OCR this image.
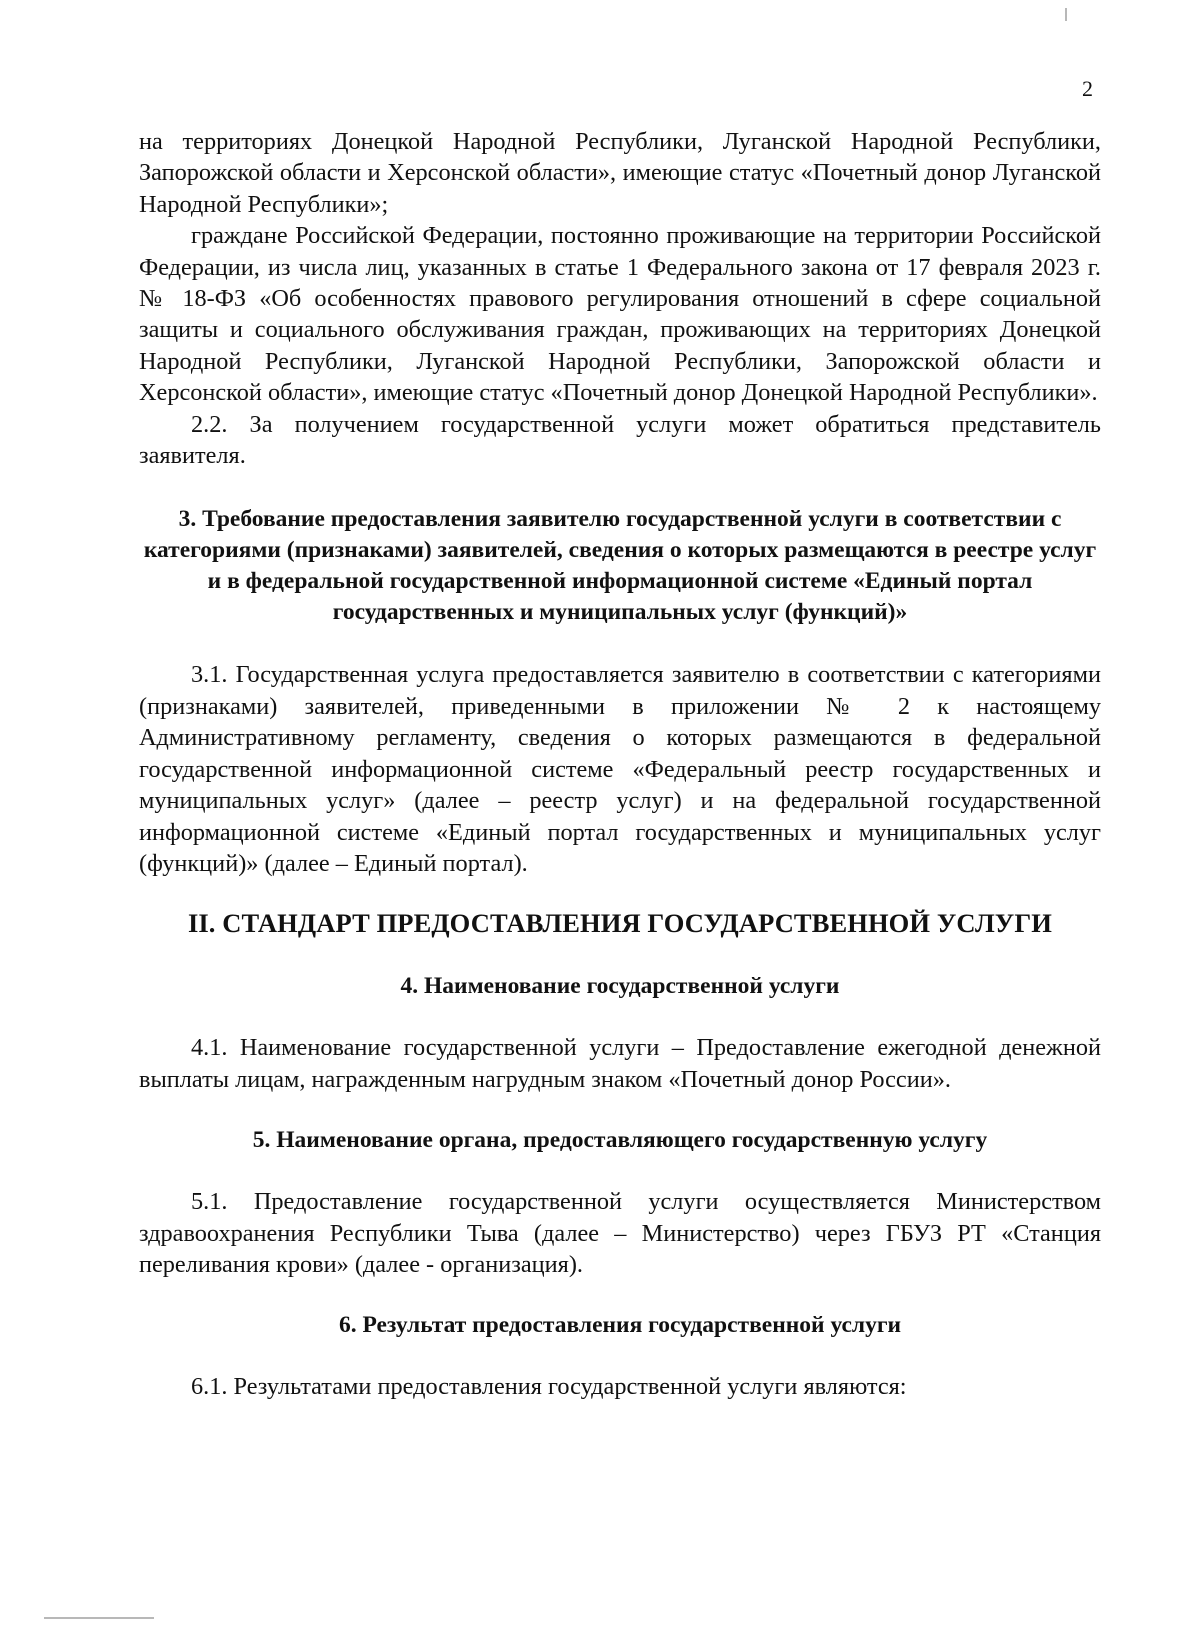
2

на территориях Донецкой Народной Республики, Луганской Народной Республики, Запорожской области и Херсонской области», имеющие статус «Почетный донор Луганской Народной Республики»;

граждане Российской Федерации, постоянно проживающие на территории Российской Федерации, из числа лиц, указанных в статье 1 Федерального закона от 17 февраля 2023 г. № 18-ФЗ «Об особенностях правового регулирования отношений в сфере социальной защиты и социального обслуживания граждан, проживающих на территориях Донецкой Народной Республики, Луганской Народной Республики, Запорожской области и Херсонской области», имеющие статус «Почетный донор Донецкой Народной Республики».

2.2. За получением государственной услуги может обратиться представитель заявителя.

3. Требование предоставления заявителю государственной услуги в соответствии с категориями (признаками) заявителей, сведения о которых размещаются в реестре услуг и в федеральной государственной информационной системе «Единый портал государственных и муниципальных услуг (функций)»

3.1. Государственная услуга предоставляется заявителю в соответствии с категориями (признаками) заявителей, приведенными в приложении № 2 к настоящему Административному регламенту, сведения о которых размещаются в федеральной государственной информационной системе «Федеральный реестр государственных и муниципальных услуг» (далее – реестр услуг) и на федеральной государственной информационной системе «Единый портал государственных и муниципальных услуг (функций)» (далее – Единый портал).

II. СТАНДАРТ ПРЕДОСТАВЛЕНИЯ ГОСУДАРСТВЕННОЙ УСЛУГИ
4. Наименование государственной услуги

4.1. Наименование государственной услуги – Предоставление ежегодной денежной выплаты лицам, награжденным нагрудным знаком «Почетный донор России».

5. Наименование органа, предоставляющего государственную услугу

5.1. Предоставление государственной услуги осуществляется Министерством здравоохранения Республики Тыва (далее – Министерство) через ГБУЗ РТ «Станция переливания крови» (далее - организация).

6. Результат предоставления государственной услуги

6.1. Результатами предоставления государственной услуги являются:
